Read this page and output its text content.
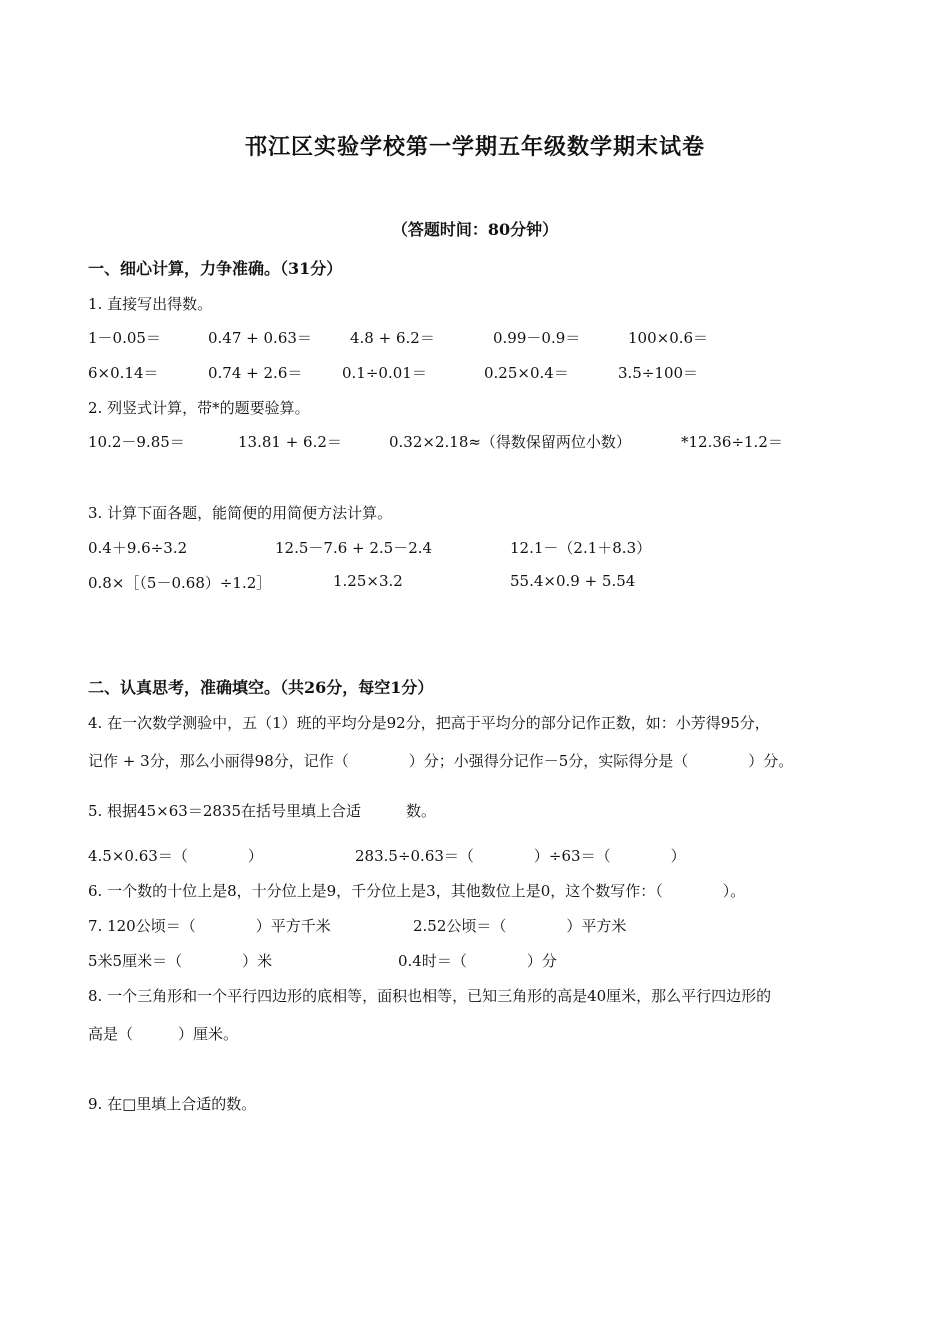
邗江区实验学校第一学期五年级数学期末试卷
（答题时间：80分钟）
一、细心计算，力争准确。（31分）
1. 直接写出得数。
1－0.05＝	0.47 + 0.63＝	4.8 + 6.2＝	0.99－0.9＝	100×0.6＝
6×0.14＝	0.74 + 2.6＝	0.1÷0.01＝	0.25×0.4＝	3.5÷100＝
2. 列竖式计算，带*的题要验算。
10.2－9.85＝	13.81 + 6.2＝	0.32×2.18≈（得数保留两位小数）	*12.36÷1.2＝
3. 计算下面各题，能简便的用简便方法计算。
0.4＋9.6÷3.2	12.5－7.6 + 2.5－2.4	12.1－（2.1＋8.3）
0.8×［（5－0.68）÷1.2］	1.25×3.2	55.4×0.9 + 5.54
二、认真思考，准确填空。（共26分，每空1分）
4. 在一次数学测验中，五（1）班的平均分是92分，把高于平均分的部分记作正数，如：小芳得95分，
记作 + 3分，那么小丽得98分，记作（　　　　）分；小强得分记作－5分，实际得分是（　　　　）分。
5. 根据45×63＝2835在括号里填上合适　　　数。
4.5×0.63＝（　　　　）	283.5÷0.63＝（　　　　）÷63＝（　　　　）
6. 一个数的十位上是8，十分位上是9，千分位上是3，其他数位上是0，这个数写作：（　　　　）。
7. 120公顷＝（　　　　）平方千米	2.52公顷＝（　　　　）平方米
5米5厘米＝（　　　　）米	0.4时＝（　　　　）分
8. 一个三角形和一个平行四边形的底相等，面积也相等，已知三角形的高是40厘米，那么平行四边形的
高是（　　　）厘米。
9. 在□里填上合适的数。
